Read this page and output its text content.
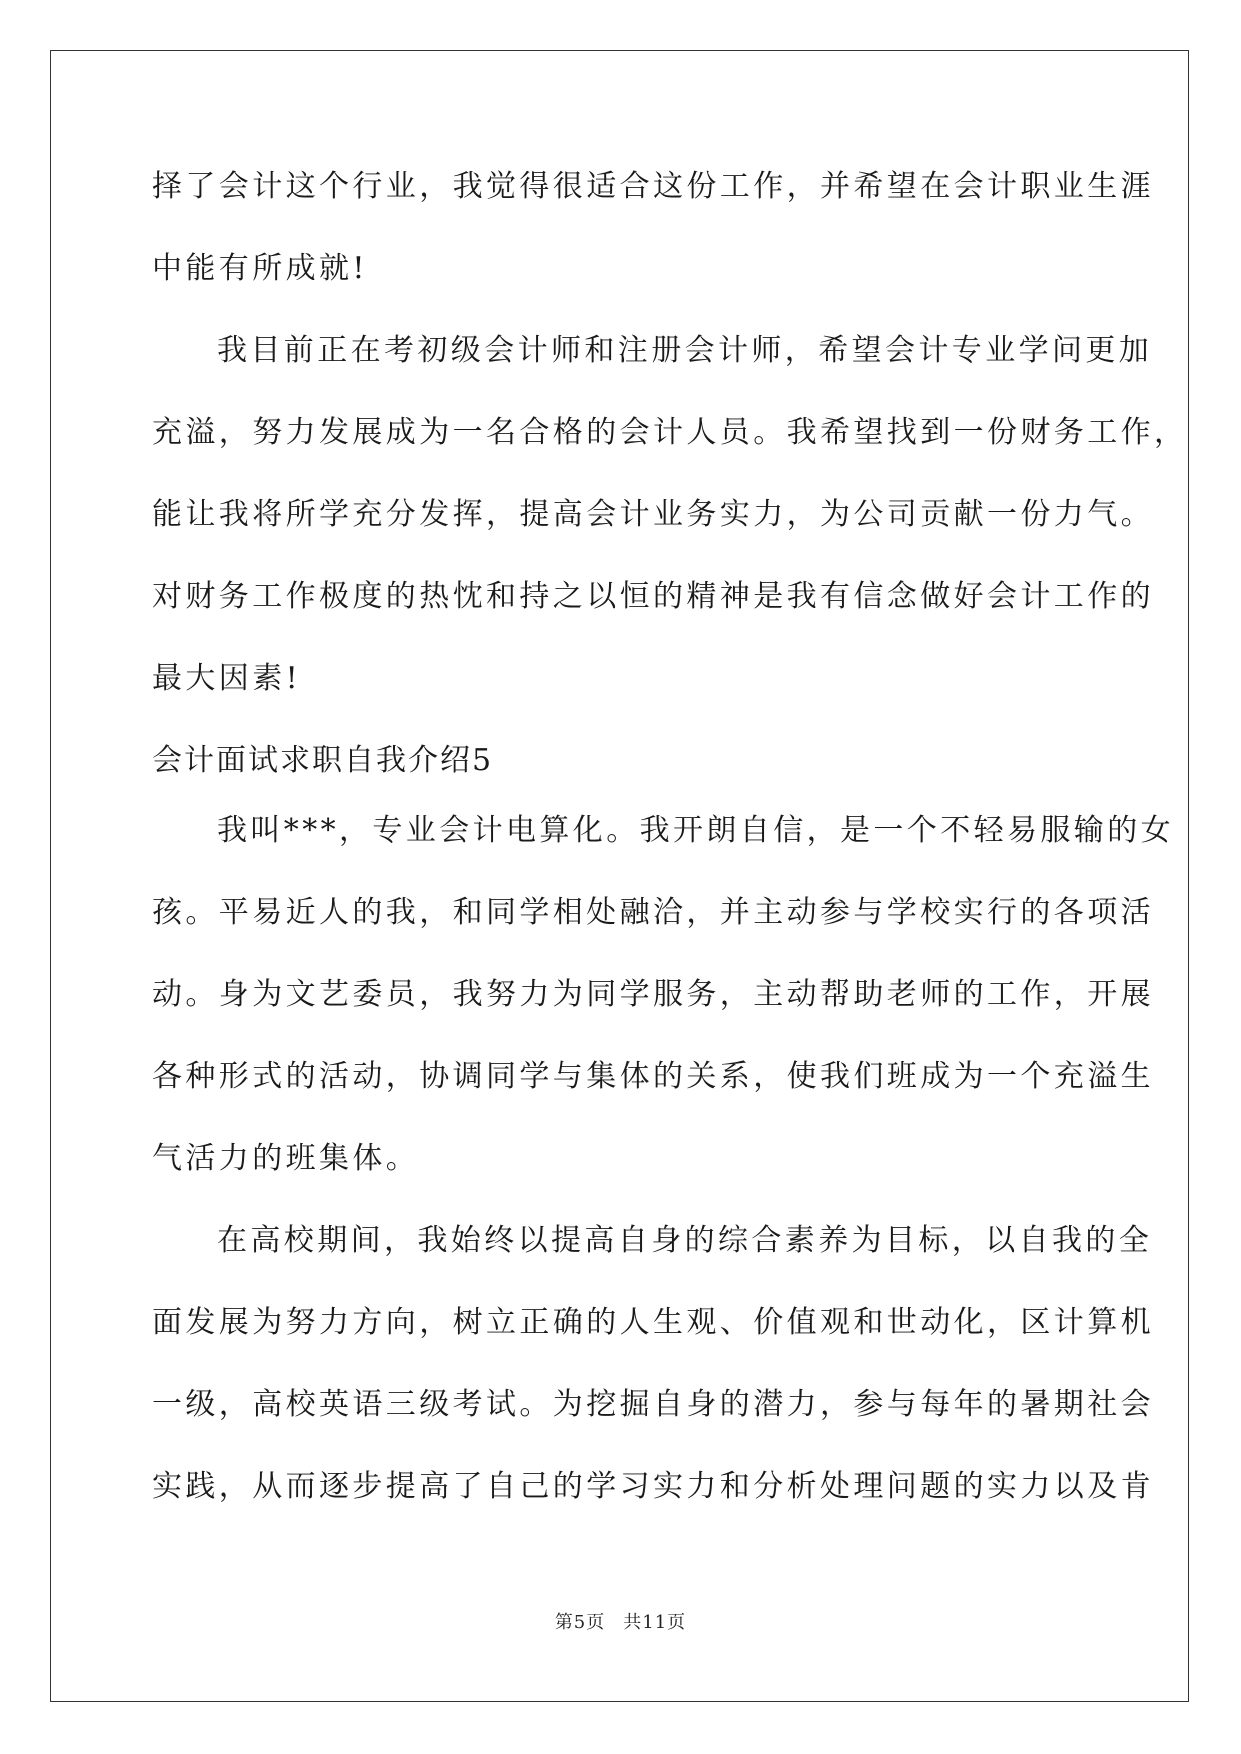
择了会计这个行业，我觉得很适合这份工作，并希望在会计职业生涯
中能有所成就!
我目前正在考初级会计师和注册会计师，希望会计专业学问更加
充溢，努力发展成为一名合格的会计人员。我希望找到一份财务工作，
能让我将所学充分发挥，提高会计业务实力，为公司贡献一份力气。
对财务工作极度的热忱和持之以恒的精神是我有信念做好会计工作的
最大因素!
会计面试求职自我介绍5
我叫***，专业会计电算化。我开朗自信，是一个不轻易服输的女
孩。平易近人的我，和同学相处融洽，并主动参与学校实行的各项活
动。身为文艺委员，我努力为同学服务，主动帮助老师的工作，开展
各种形式的活动，协调同学与集体的关系，使我们班成为一个充溢生
气活力的班集体。
在高校期间，我始终以提高自身的综合素养为目标，以自我的全
面发展为努力方向，树立正确的人生观、价值观和世动化，区计算机
一级，高校英语三级考试。为挖掘自身的潜力，参与每年的暑期社会
实践，从而逐步提高了自己的学习实力和分析处理问题的实力以及肯
第5页 共11页
